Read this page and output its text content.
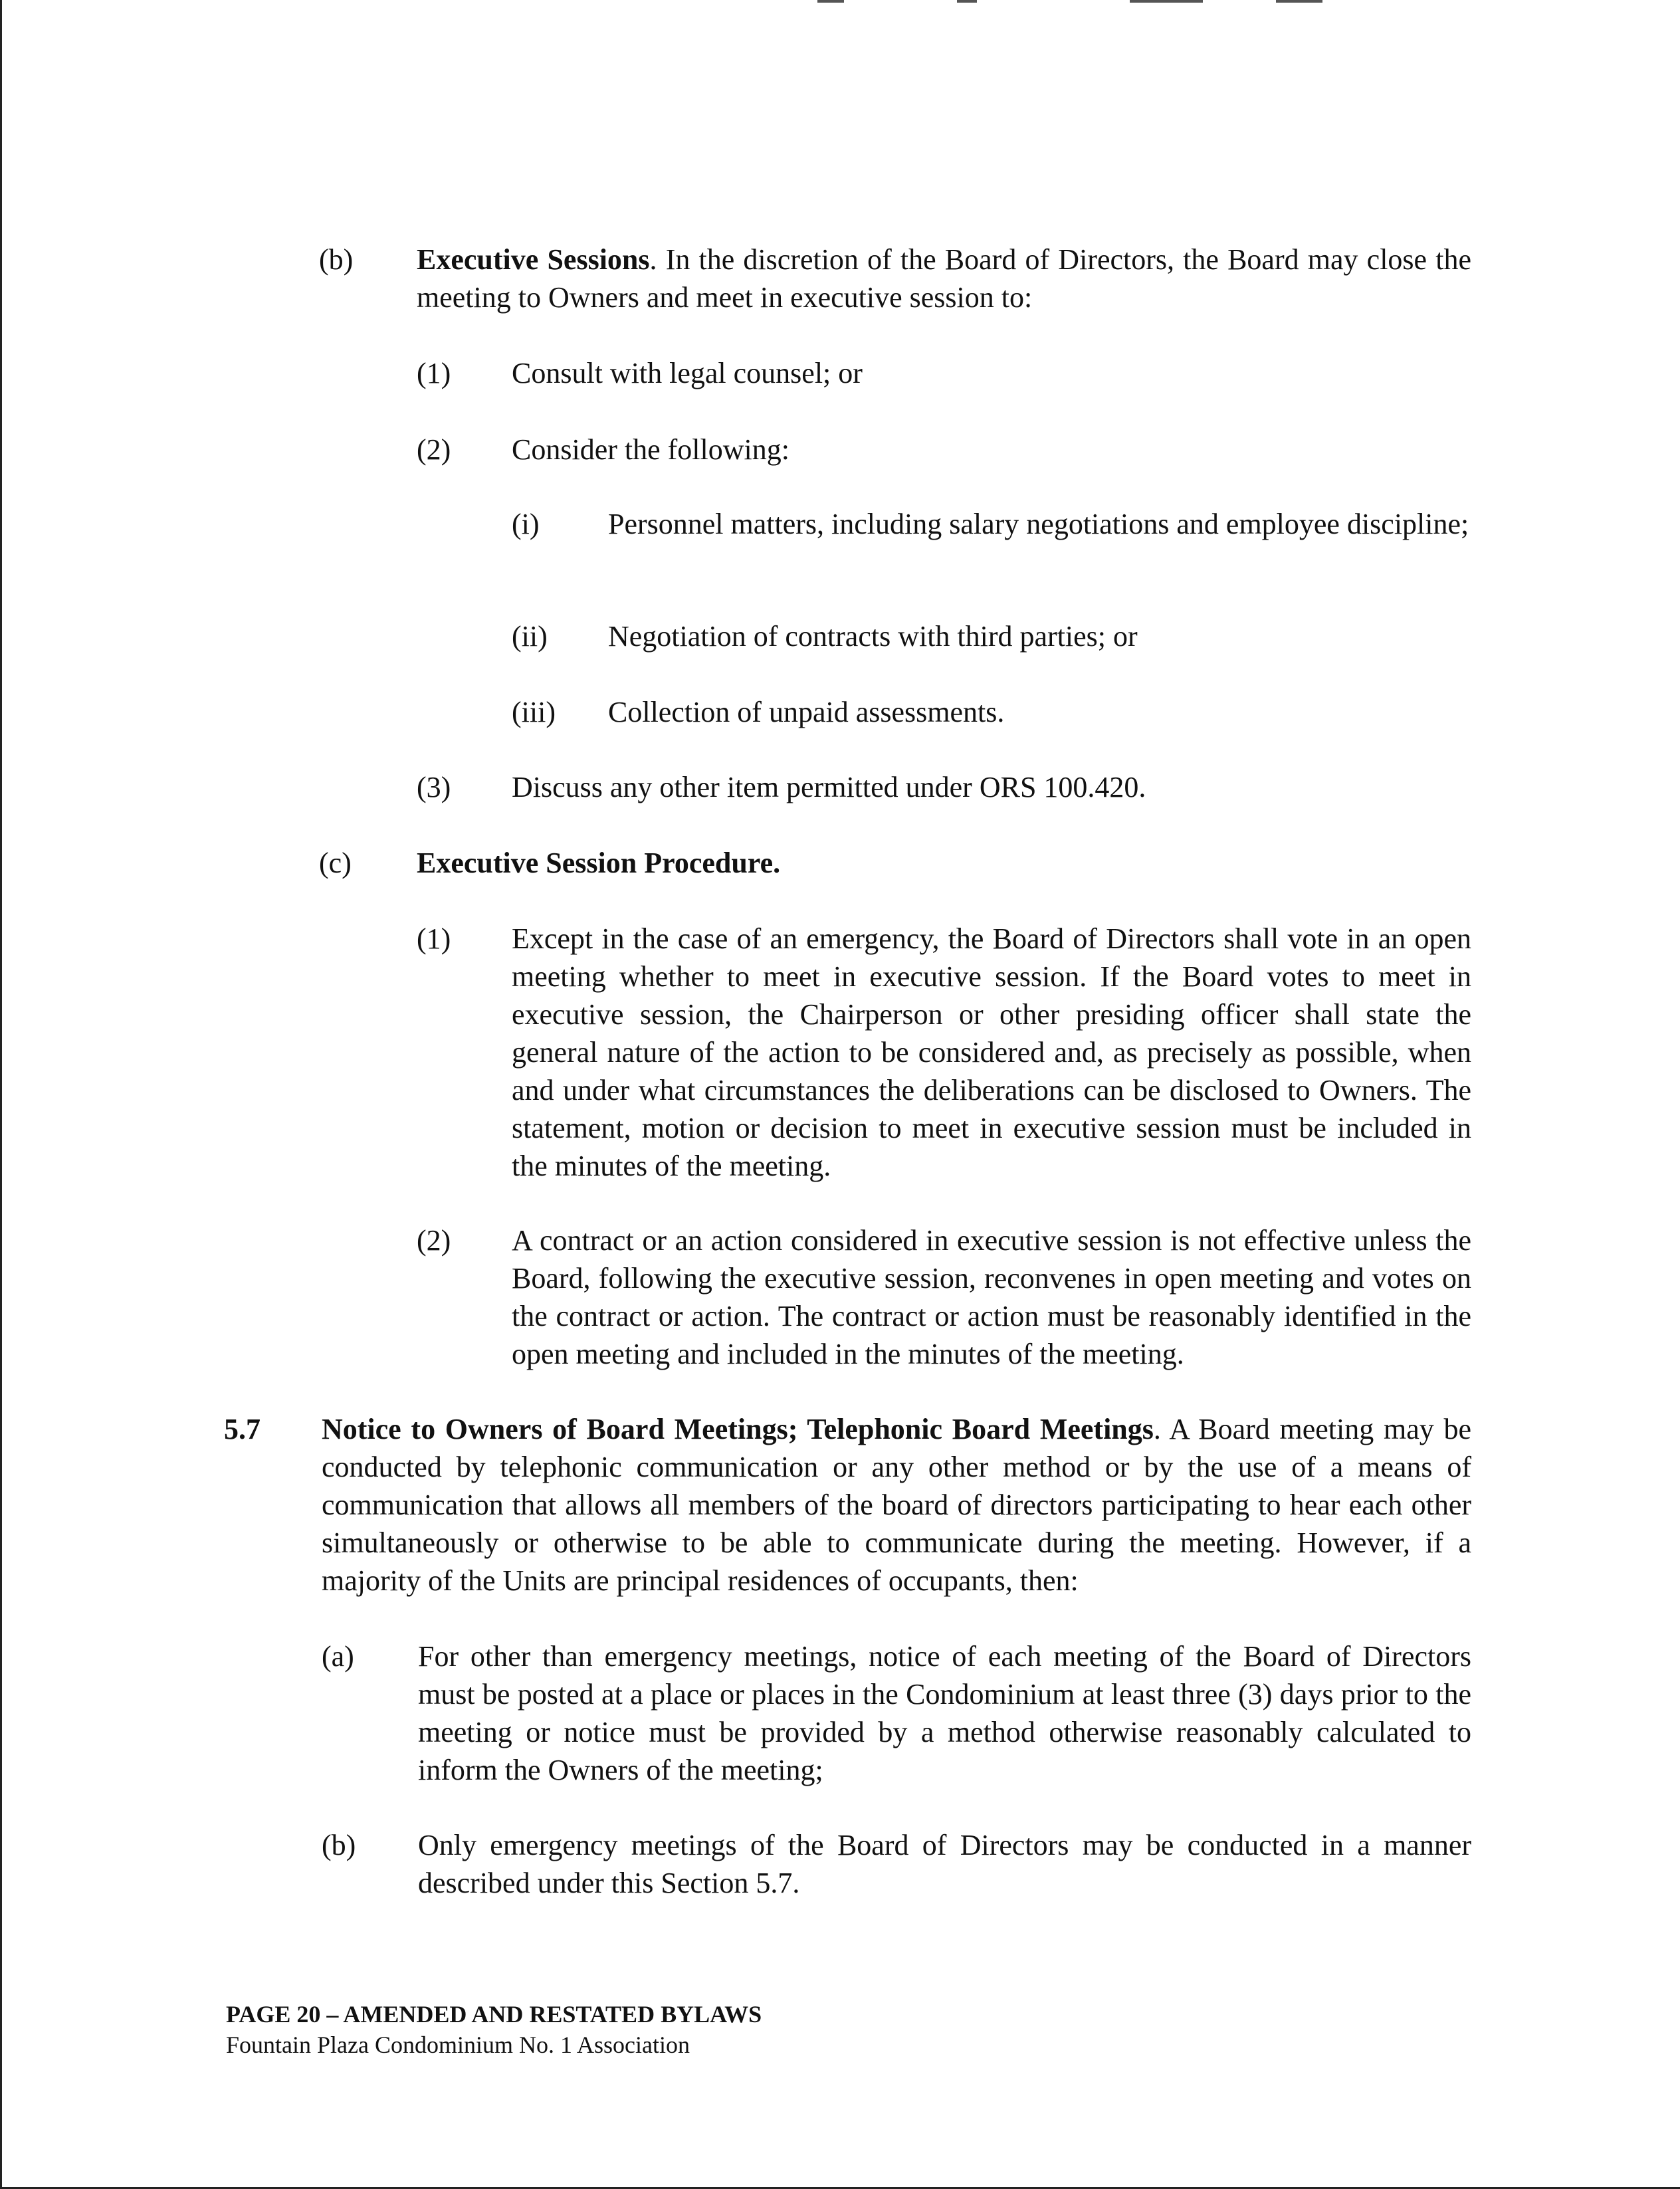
(b) Executive Sessions. In the discretion of the Board of Directors, the Board may close the meeting to Owners and meet in executive session to:

(1) Consult with legal counsel; or

(2) Consider the following:

(i) Personnel matters, including salary negotiations and employee discipline;

(ii) Negotiation of contracts with third parties; or

(iii) Collection of unpaid assessments.

(3) Discuss any other item permitted under ORS 100.420.

(c) Executive Session Procedure.

(1) Except in the case of an emergency, the Board of Directors shall vote in an open meeting whether to meet in executive session. If the Board votes to meet in executive session, the Chairperson or other presiding officer shall state the general nature of the action to be considered and, as precisely as possible, when and under what circumstances the deliberations can be disclosed to Owners. The statement, motion or decision to meet in executive session must be included in the minutes of the meeting.

(2) A contract or an action considered in executive session is not effective unless the Board, following the executive session, reconvenes in open meeting and votes on the contract or action. The contract or action must be reasonably identified in the open meeting and included in the minutes of the meeting.

5.7 Notice to Owners of Board Meetings; Telephonic Board Meetings. A Board meeting may be conducted by telephonic communication or any other method or by the use of a means of communication that allows all members of the board of directors participating to hear each other simultaneously or otherwise to be able to communicate during the meeting. However, if a majority of the Units are principal residences of occupants, then:

(a) For other than emergency meetings, notice of each meeting of the Board of Directors must be posted at a place or places in the Condominium at least three (3) days prior to the meeting or notice must be provided by a method otherwise reasonably calculated to inform the Owners of the meeting;

(b) Only emergency meetings of the Board of Directors may be conducted in a manner described under this Section 5.7.

PAGE 20 – AMENDED AND RESTATED BYLAWS

Fountain Plaza Condominium No. 1 Association
